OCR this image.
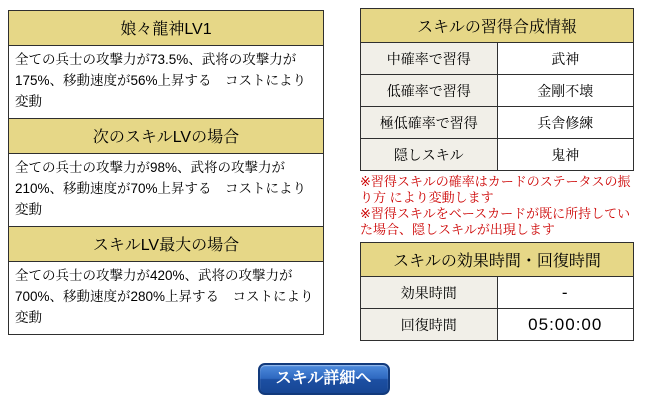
娘々龍神LV1
全ての兵士の攻撃力が73.5%、武将の攻撃力が175%、移動速度が56%上昇する　コストにより変動
次のスキルLVの場合
全ての兵士の攻撃力が98%、武将の攻撃力が210%、移動速度が70%上昇する　コストにより変動
スキルLV最大の場合
全ての兵士の攻撃力が420%、武将の攻撃力が700%、移動速度が280%上昇する　コストにより変動
スキルの習得合成情報	
中確率で習得	武神
低確率で習得	金剛不壊
極低確率で習得	兵舎修練
隠しスキル	鬼神

※習得スキルの確率はカードのステータスの振り方 により変動します

※習得スキルをベースカードが既に所持していた場合、隠しスキルが出現します

スキルの効果時間・回復時間	
効果時間	-
回復時間	05:00:00
スキル詳細へ
